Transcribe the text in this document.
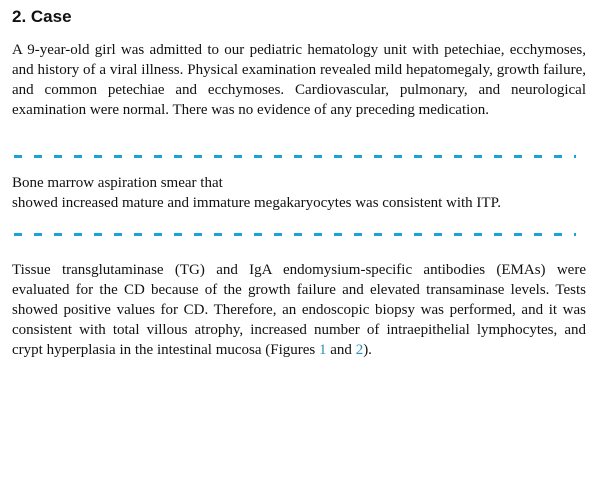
2. Case

A 9-year-old girl was admitted to our pediatric hematology unit with petechiae, ecchymoses, and history of a viral illness. Physical examination revealed mild hepatomegaly, growth failure, and common petechiae and ecchymoses. Cardiovascular, pulmonary, and neurological examination were normal. There was no evidence of any preceding medication.

Bone marrow aspiration smear that
showed increased mature and immature megakaryocytes was consistent with ITP.

Tissue transglutaminase (TG) and IgA endomysium-specific antibodies (EMAs) were evaluated for the CD because of the growth failure and elevated transaminase levels. Tests showed positive values for CD. Therefore, an endoscopic biopsy was performed, and it was consistent with total villous atrophy, increased number of intraepithelial lymphocytes, and crypt hyperplasia in the intestinal mucosa (Figures 1 and 2).
